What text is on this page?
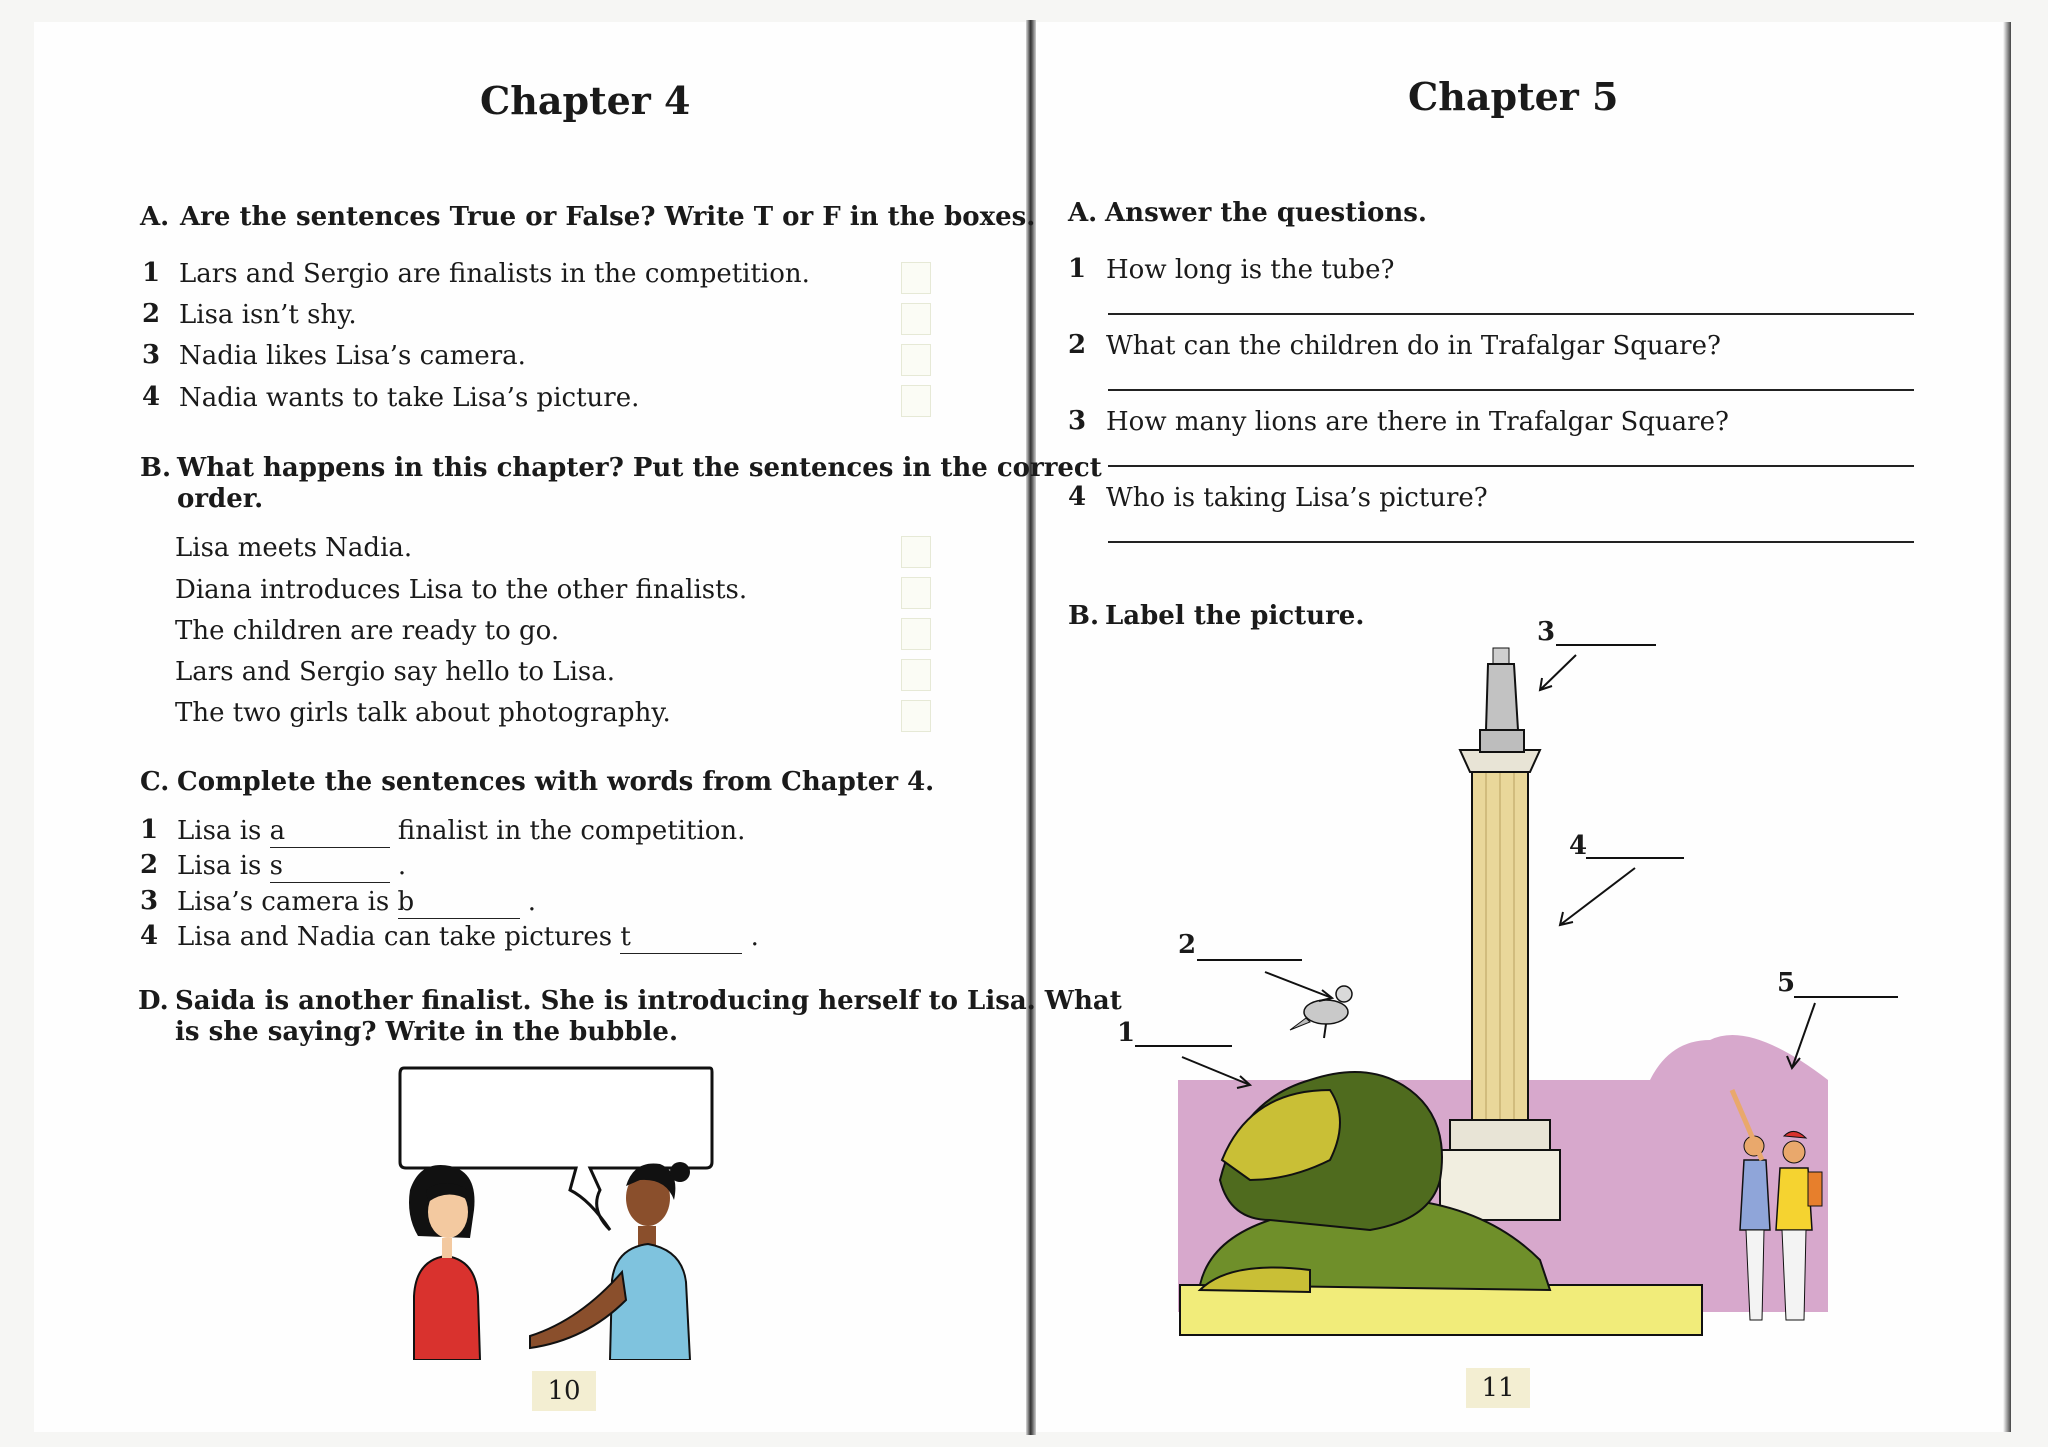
Chapter 4
A. Are the sentences True or False? Write T or F in the boxes.
1 Lars and Sergio are finalists in the competition.
2 Lisa isn’t shy.
3 Nadia likes Lisa’s camera.
4 Nadia wants to take Lisa’s picture.
B. What happens in this chapter? Put the sentences in the correct
order.
Lisa meets Nadia.
Diana introduces Lisa to the other finalists.
The children are ready to go.
Lars and Sergio say hello to Lisa.
The two girls talk about photography.
C. Complete the sentences with words from Chapter 4.
1 Lisa is a	finalist in the competition.
2 Lisa is s	.
3 Lisa’s camera is b	.
4 Lisa and Nadia can take pictures t	.
D. Saida is another finalist. She is introducing herself to Lisa. What
is she saying? Write in the bubble.
10
Chapter 5
A. Answer the questions.
1 How long is the tube?
2 What can the children do in Trafalgar Square?
3 How many lions are there in Trafalgar Square?
4 Who is taking Lisa’s picture?
B. Label the picture.
1
2
3
4
5
11
